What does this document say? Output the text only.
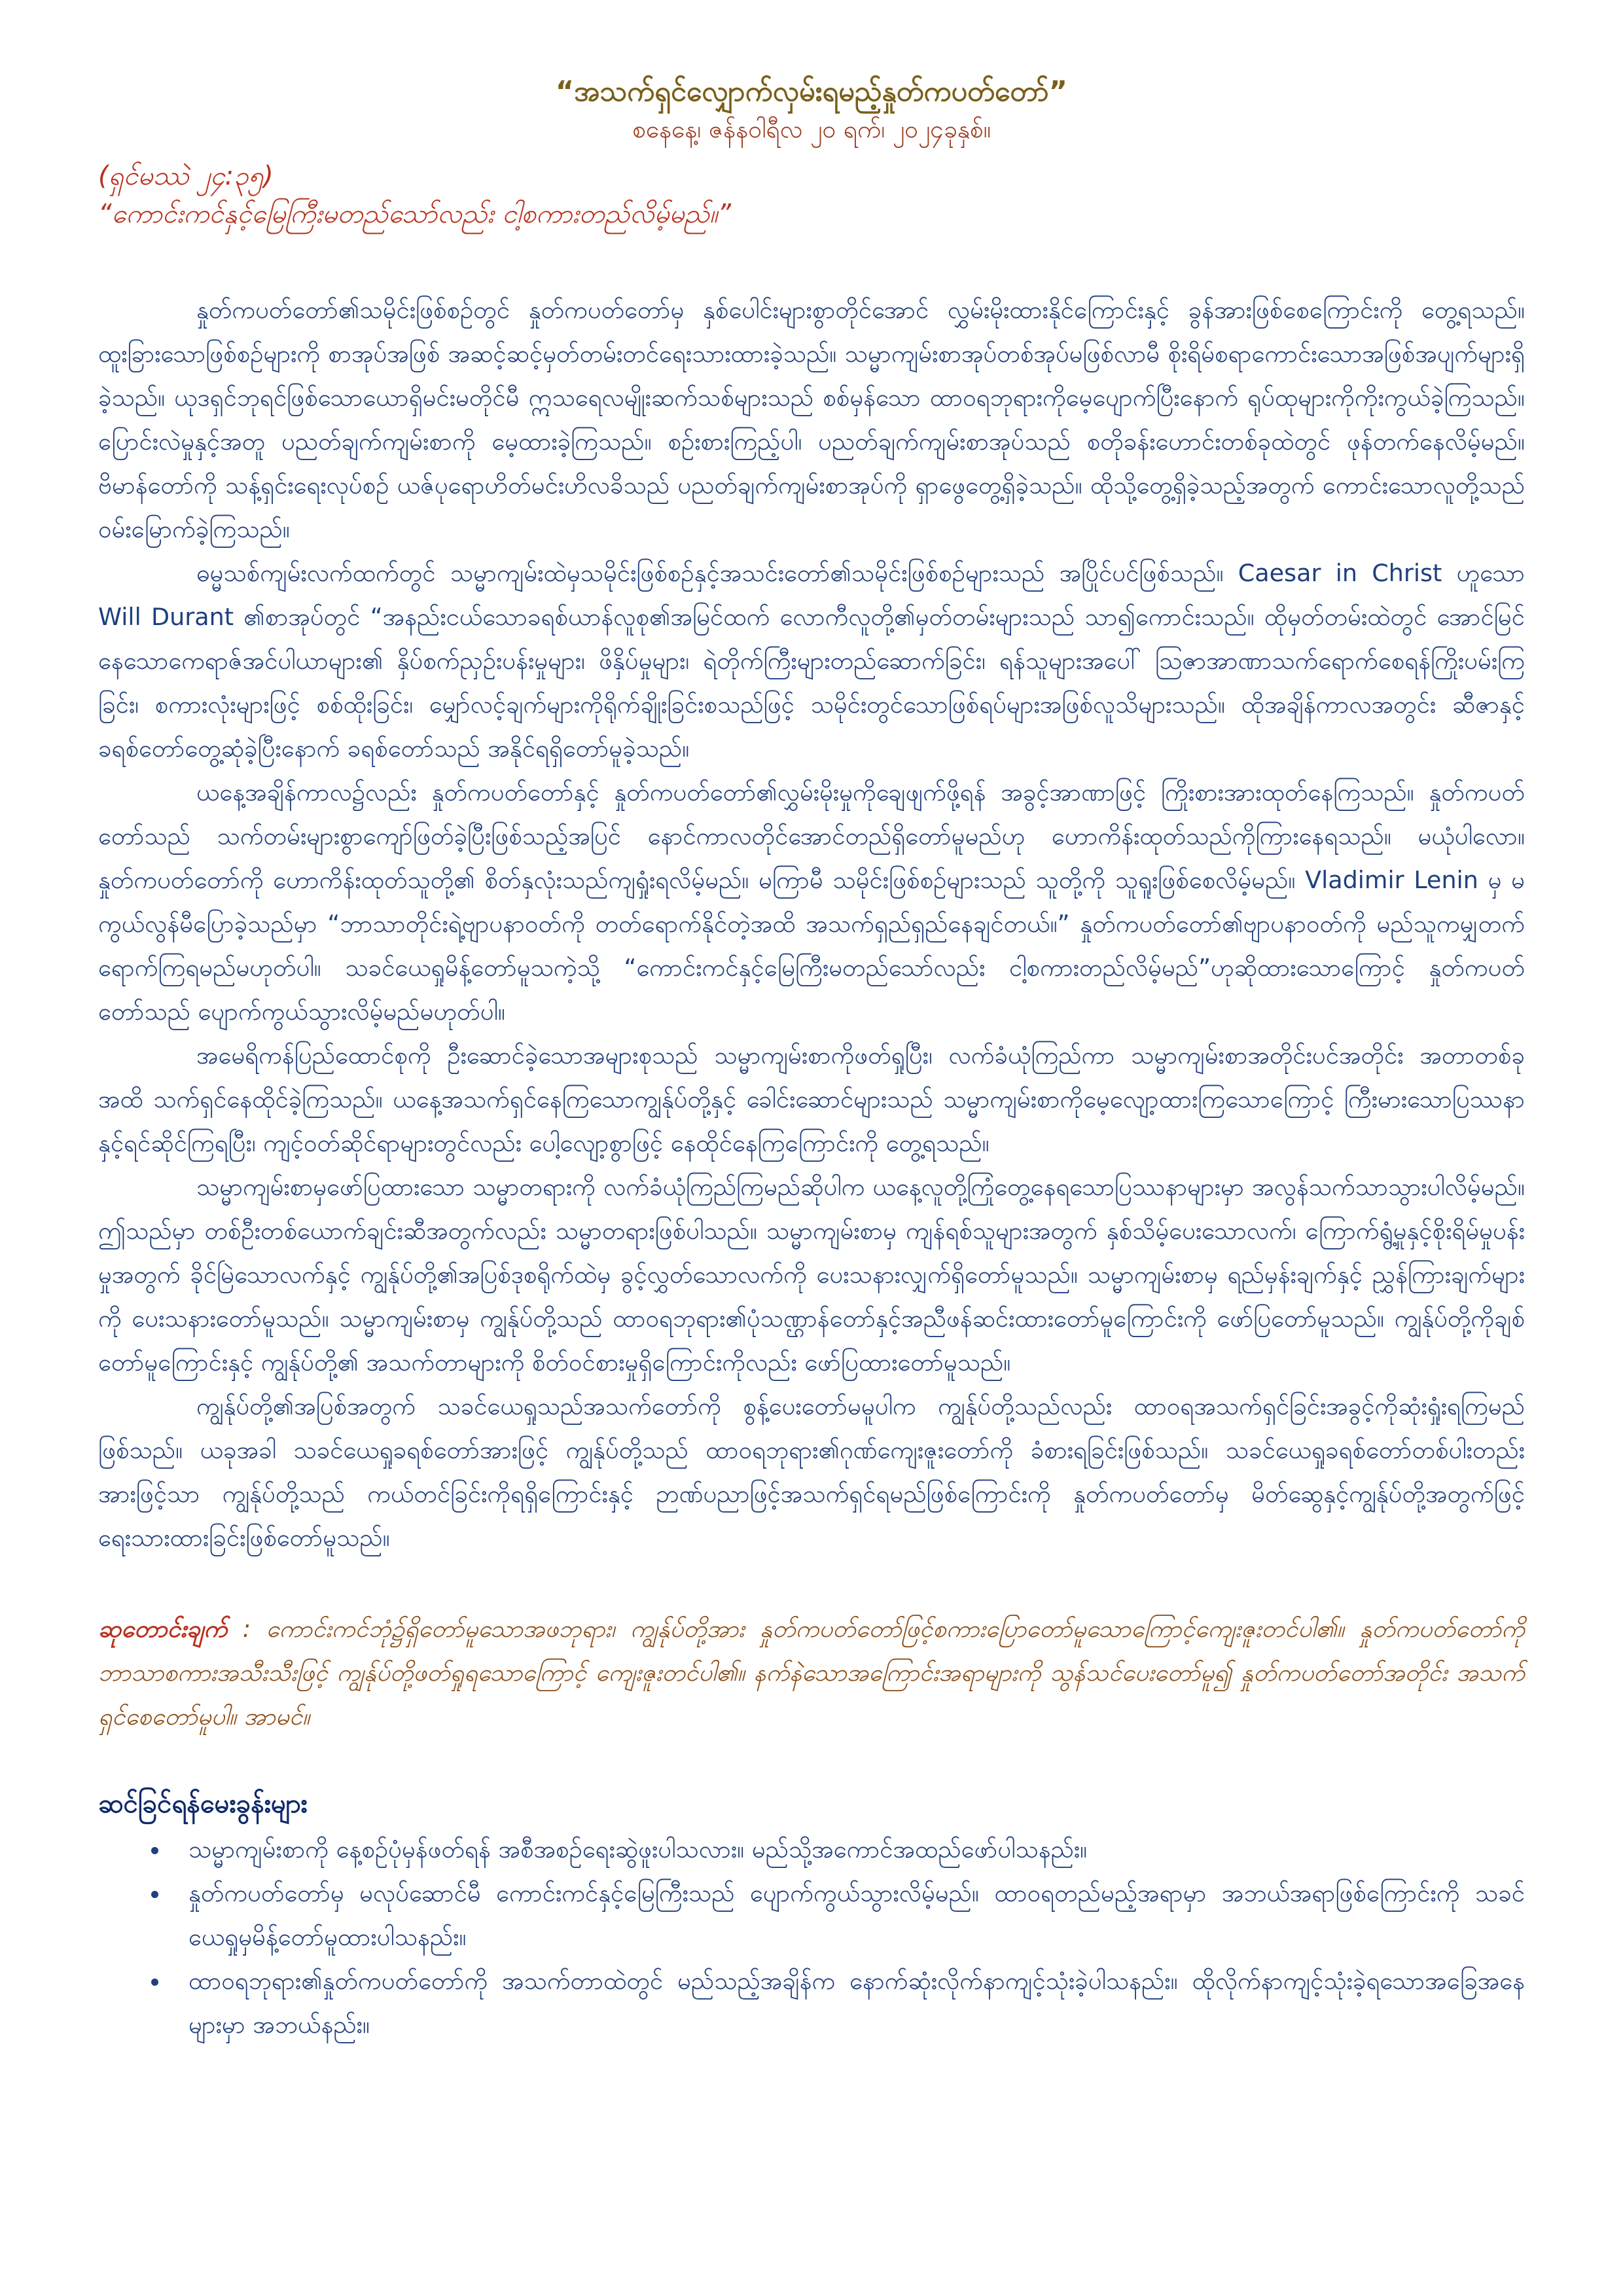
“အသက်ရှင်လျှောက်လှမ်းရမည့်နှုတ်ကပတ်တော်”

စနေနေ့၊ ဇန်နဝါရီလ ၂၀ ရက်၊ ၂၀၂၄ခုနှစ်။

(ရှင်မဿဲ ၂၄:၃၅)

“ကောင်းကင်နှင့်မြေကြီးမတည်သော်လည်း ငါ့စကားတည်လိမ့်မည်။”

နှုတ်ကပတ်တော်၏သမိုင်းဖြစ်စဉ်တွင် နှုတ်ကပတ်တော်မှ နှစ်ပေါင်းများစွာတိုင်အောင် လွှမ်းမိုးထားနိုင်ကြောင်းနှင့် ခွန်အားဖြစ်စေကြောင်းကို တွေ့ရသည်။ ထူးခြားသောဖြစ်စဉ်များကို စာအုပ်အဖြစ် အဆင့်ဆင့်မှတ်တမ်းတင်ရေးသားထားခဲ့သည်။ သမ္မာကျမ်းစာအုပ်တစ်အုပ်မဖြစ်လာမီ စိုးရိမ်စရာကောင်းသောအဖြစ်အပျက်များရှိခဲ့သည်။ ယုဒရှင်ဘုရင်ဖြစ်သောယောရှိမင်းမတိုင်မီ ဣသရေလမျိုးဆက်သစ်များသည် စစ်မှန်သော ထာဝရဘုရားကိုမေ့ပျောက်ပြီးနောက် ရုပ်ထုများကိုကိုးကွယ်ခဲ့ကြသည်။ ပြောင်းလဲမှုနှင့်အတူ ပညတ်ချက်ကျမ်းစာကို မေ့ထားခဲ့ကြသည်။ စဉ်းစားကြည့်ပါ၊ ပညတ်ချက်ကျမ်းစာအုပ်သည် စတိုခန်းဟောင်းတစ်ခုထဲတွင် ဖုန်တက်နေလိမ့်မည်။ ဗိမာန်တော်ကို သန့်ရှင်းရေးလုပ်စဉ် ယဇ်ပုရောဟိတ်မင်းဟိလခိသည် ပညတ်ချက်ကျမ်းစာအုပ်ကို ရှာဖွေတွေ့ရှိခဲ့သည်။ ထိုသို့တွေ့ရှိခဲ့သည့်အတွက် ကောင်းသောလူတို့သည် ဝမ်းမြောက်ခဲ့ကြသည်။

ဓမ္မသစ်ကျမ်းလက်ထက်တွင် သမ္မာကျမ်းထဲမှသမိုင်းဖြစ်စဉ်နှင့်အသင်းတော်၏သမိုင်းဖြစ်စဉ်များသည် အပြိုင်ပင်ဖြစ်သည်။ Caesar in Christ ဟူသော Will Durant ၏စာအုပ်တွင် “အနည်းငယ်သောခရစ်ယာန်လူစု၏အမြင်ထက် လောကီလူတို့၏မှတ်တမ်းများသည် သာ၍ကောင်းသည်။ ထိုမှတ်တမ်းထဲတွင် အောင်မြင်နေသောကေရာဇ်အင်ပါယာများ၏ နှိပ်စက်ညှဉ်းပန်းမှုများ၊ ဖိနှိပ်မှုများ၊ ရဲတိုက်ကြီးများတည်ဆောက်ခြင်း၊ ရန်သူများအပေါ် ဩဇာအာဏာသက်ရောက်စေရန်ကြိုးပမ်းကြခြင်း၊ စကားလုံးများဖြင့် စစ်ထိုးခြင်း၊ မျှော်လင့်ချက်များကိုရိုက်ချိုးခြင်းစသည်ဖြင့် သမိုင်းတွင်သောဖြစ်ရပ်များအဖြစ်လူသိများသည်။ ထိုအချိန်ကာလအတွင်း ဆီဇာနှင့်ခရစ်တော်တွေ့ဆုံခဲ့ပြီးနောက် ခရစ်တော်သည် အနိုင်ရရှိတော်မူခဲ့သည်။

ယနေ့အချိန်ကာလ၌လည်း နှုတ်ကပတ်တော်နှင့် နှုတ်ကပတ်တော်၏လွှမ်းမိုးမှုကိုချေဖျက်ဖို့ရန် အခွင့်အာဏာဖြင့် ကြိုးစားအားထုတ်နေကြသည်။ နှုတ်ကပတ်တော်သည် သက်တမ်းများစွာကျော်ဖြတ်ခဲ့ပြီးဖြစ်သည့်အပြင် နောင်ကာလတိုင်အောင်တည်ရှိတော်မူမည်ဟု ဟောကိန်းထုတ်သည်ကိုကြားနေရသည်။ မယုံပါလော။ နှုတ်ကပတ်တော်ကို ဟောကိန်းထုတ်သူတို့၏ စိတ်နှလုံးသည်ကျရှုံးရလိမ့်မည်။ မကြာမီ သမိုင်းဖြစ်စဉ်များသည် သူတို့ကို သူရူးဖြစ်စေလိမ့်မည်။ Vladimir Lenin မှ မကွယ်လွန်မီပြောခဲ့သည်မှာ “ဘာသာတိုင်းရဲ့ဗျာပနာဝတ်ကို တတ်ရောက်နိုင်တဲ့အထိ အသက်ရှည်ရှည်နေချင်တယ်။” နှုတ်ကပတ်တော်၏ဗျာပနာဝတ်ကို မည်သူကမျှတက်ရောက်ကြရမည်မဟုတ်ပါ။ သခင်ယေရှုမိန့်တော်မူသကဲ့သို့ “ကောင်းကင်နှင့်မြေကြီးမတည်သော်လည်း ငါ့စကားတည်လိမ့်မည်”ဟုဆိုထားသောကြောင့် နှုတ်ကပတ်တော်သည် ပျောက်ကွယ်သွားလိမ့်မည်မဟုတ်ပါ။

အမေရိကန်ပြည်ထောင်စုကို ဦးဆောင်ခဲ့သောအများစုသည် သမ္မာကျမ်းစာကိုဖတ်ရှုပြီး၊ လက်ခံယုံကြည်ကာ သမ္မာကျမ်းစာအတိုင်းပင်အတိုင်း အတာတစ်ခုအထိ သက်ရှင်နေထိုင်ခဲ့ကြသည်။ ယနေ့အသက်ရှင်နေကြသောကျွန်ုပ်တို့နှင့် ခေါင်းဆောင်များသည် သမ္မာကျမ်းစာကိုမေ့လျော့ထားကြသောကြောင့် ကြီးမားသောပြဿနာနှင့်ရင်ဆိုင်ကြရပြီး၊ ကျင့်ဝတ်ဆိုင်ရာများတွင်လည်း ပေါ့လျော့စွာဖြင့် နေထိုင်နေကြကြောင်းကို တွေ့ရသည်။

သမ္မာကျမ်းစာမှဖော်ပြထားသော သမ္မာတရားကို လက်ခံယုံကြည်ကြမည်ဆိုပါက ယနေ့လူတို့ကြုံတွေ့နေရသောပြဿနာများမှာ အလွန်သက်သာသွားပါလိမ့်မည်။ ဤသည်မှာ တစ်ဦးတစ်ယောက်ချင်းဆီအတွက်လည်း သမ္မာတရားဖြစ်ပါသည်။ သမ္မာကျမ်းစာမှ ကျန်ရစ်သူများအတွက် နှစ်သိမ့်ပေးသောလက်၊ ကြောက်ရွံ့မှုနှင့်စိုးရိမ်မှုပန်းမှုအတွက် ခိုင်မြဲသောလက်နှင့် ကျွန်ုပ်တို့၏အပြစ်ဒုစရိုက်ထဲမှ ခွင့်လွှတ်သောလက်ကို ပေးသနားလျှက်ရှိတော်မူသည်။ သမ္မာကျမ်းစာမှ ရည်မှန်းချက်နှင့် ညွှန်ကြားချက်များကို ပေးသနားတော်မူသည်။ သမ္မာကျမ်းစာမှ ကျွန်ုပ်တို့သည် ထာဝရဘုရား၏ပုံသဏ္ဌာန်တော်နှင့်အညီဖန်ဆင်းထားတော်မူကြောင်းကို ဖော်ပြတော်မူသည်။ ကျွန်ုပ်တို့ကိုချစ်တော်မူကြောင်းနှင့် ကျွန်ုပ်တို့၏ အသက်တာများကို စိတ်ဝင်စားမှုရှိကြောင်းကိုလည်း ဖော်ပြထားတော်မူသည်။

ကျွန်ုပ်တို့၏အပြစ်အတွက် သခင်ယေရှုသည်အသက်တော်ကို စွန့်ပေးတော်မမူပါက ကျွန်ုပ်တို့သည်လည်း ထာဝရအသက်ရှင်ခြင်းအခွင့်ကိုဆုံးရှုံးရကြမည်ဖြစ်သည်။ ယခုအခါ သခင်ယေရှုခရစ်တော်အားဖြင့် ကျွန်ုပ်တို့သည် ထာဝရဘုရား၏ဂုဏ်ကျေးဇူးတော်ကို ခံစားရခြင်းဖြစ်သည်။ သခင်ယေရှုခရစ်တော်တစ်ပါးတည်းအားဖြင့်သာ ကျွန်ုပ်တို့သည် ကယ်တင်ခြင်းကိုရရှိကြောင်းနှင့် ဉာဏ်ပညာဖြင့်အသက်ရှင်ရမည်ဖြစ်ကြောင်းကို နှုတ်ကပတ်တော်မှ မိတ်ဆွေနှင့်ကျွန်ုပ်တို့အတွက်ဖြင့် ရေးသားထားခြင်းဖြစ်တော်မူသည်။

ဆုတောင်းချက် : ကောင်းကင်ဘုံ၌ရှိတော်မူသောအဖဘုရား၊ ကျွန်ုပ်တို့အား နှုတ်ကပတ်တော်ဖြင့်စကားပြောတော်မူသောကြောင့်ကျေးဇူးတင်ပါ၏။ နှုတ်ကပတ်တော်ကို ဘာသာစကားအသီးသီးဖြင့် ကျွန်ုပ်တို့ဖတ်ရှုရသောကြောင့် ကျေးဇူးတင်ပါ၏။ နက်နဲသောအကြောင်းအရာများကို သွန်သင်ပေးတော်မူ၍ နှုတ်ကပတ်တော်အတိုင်း အသက်ရှင်စေတော်မူပါ။ အာမင်။

ဆင်ခြင်ရန်မေးခွန်းများ
• သမ္မာကျမ်းစာကို နေ့စဉ်ပုံမှန်ဖတ်ရန် အစီအစဉ်ရေးဆွဲဖူးပါသလား။ မည်သို့အကောင်အထည်ဖော်ပါသနည်း။
• နှုတ်ကပတ်တော်မှ မလုပ်ဆောင်မီ ကောင်းကင်နှင့်မြေကြီးသည် ပျောက်ကွယ်သွားလိမ့်မည်။ ထာဝရတည်မည့်အရာမှာ အဘယ်အရာဖြစ်ကြောင်းကို သခင်ယေရှုမှမိန့်တော်မူထားပါသနည်း။
• ထာဝရဘုရား၏နှုတ်ကပတ်တော်ကို အသက်တာထဲတွင် မည်သည့်အချိန်က နောက်ဆုံးလိုက်နာကျင့်သုံးခဲ့ပါသနည်း။ ထိုလိုက်နာကျင့်သုံးခဲ့ရသောအခြေအနေများမှာ အဘယ်နည်း။
